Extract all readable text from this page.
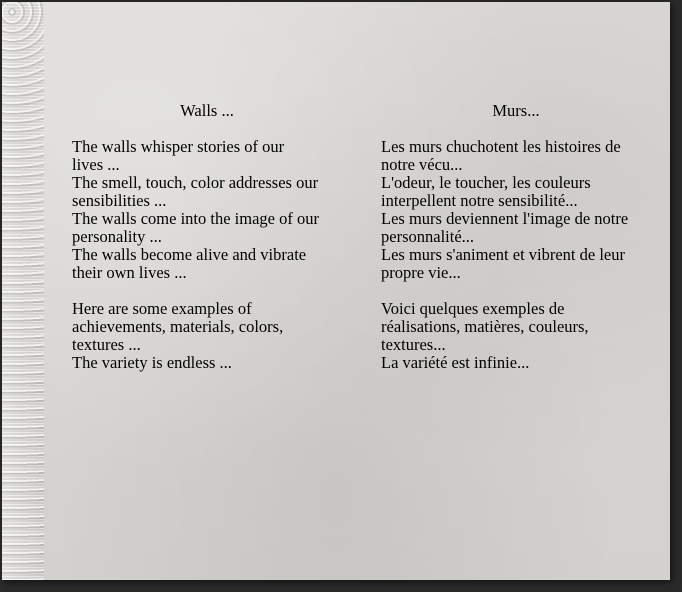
Walls ...
The walls whisper stories of our
lives ...
The smell, touch, color addresses our
sensibilities ...
The walls come into the image of our
personality ...
The walls become alive and vibrate
their own lives ...
Here are some examples of
achievements, materials, colors,
textures ...
The variety is endless ...
Murs...
Les murs chuchotent les histoires de
notre vécu...
L'odeur, le toucher, les couleurs
interpellent notre sensibilité...
Les murs deviennent l'image de notre
personnalité...
Les murs s'animent et vibrent de leur
propre vie...
Voici quelques exemples de
réalisations, matières, couleurs,
textures...
La variété est infinie...
